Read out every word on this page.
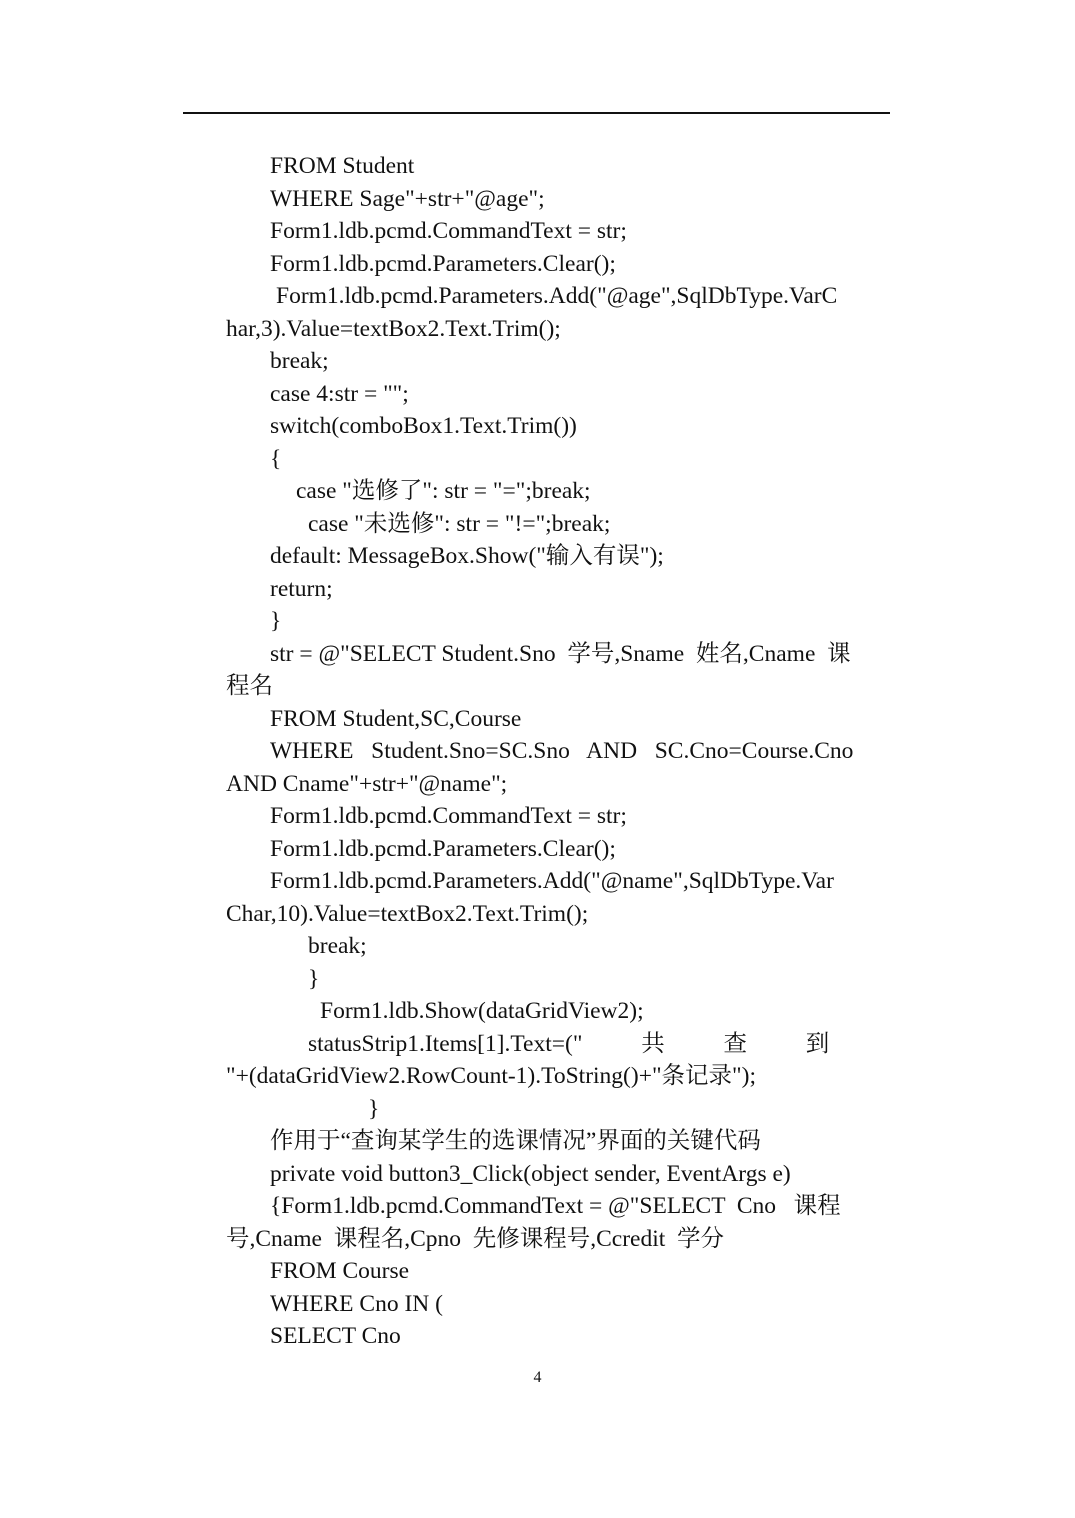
FROM Student
WHERE Sage"+str+"@age";
Form1.ldb.pcmd.CommandText = str;
Form1.ldb.pcmd.Parameters.Clear();
Form1.ldb.pcmd.Parameters.Add("@age",SqlDbType.VarC
har,3).Value=textBox2.Text.Trim();
break;
case 4:str = "";
switch(comboBox1.Text.Trim())
{
case "选修了": str = "=";break;
case "未选修": str = "!=";break;
default: MessageBox.Show("输入有误");
return;
}
str = @"SELECT Student.Sno  学号,Sname  姓名,Cname  课
程名
FROM Student,SC,Course
WHERE   Student.Sno=SC.Sno   AND   SC.Cno=Course.Cno
AND Cname"+str+"@name";
Form1.ldb.pcmd.CommandText = str;
Form1.ldb.pcmd.Parameters.Clear();
Form1.ldb.pcmd.Parameters.Add("@name",SqlDbType.Var
Char,10).Value=textBox2.Text.Trim();
break;
}
Form1.ldb.Show(dataGridView2);
statusStrip1.Items[1].Text=("          共          查          到
"+(dataGridView2.RowCount-1).ToString()+"条记录");
}
作用于“查询某学生的选课情况”界面的关键代码
private void button3_Click(object sender, EventArgs e)
{Form1.ldb.pcmd.CommandText = @"SELECT  Cno   课程
号,Cname  课程名,Cpno  先修课程号,Ccredit  学分
FROM Course
WHERE Cno IN (
SELECT Cno
4
